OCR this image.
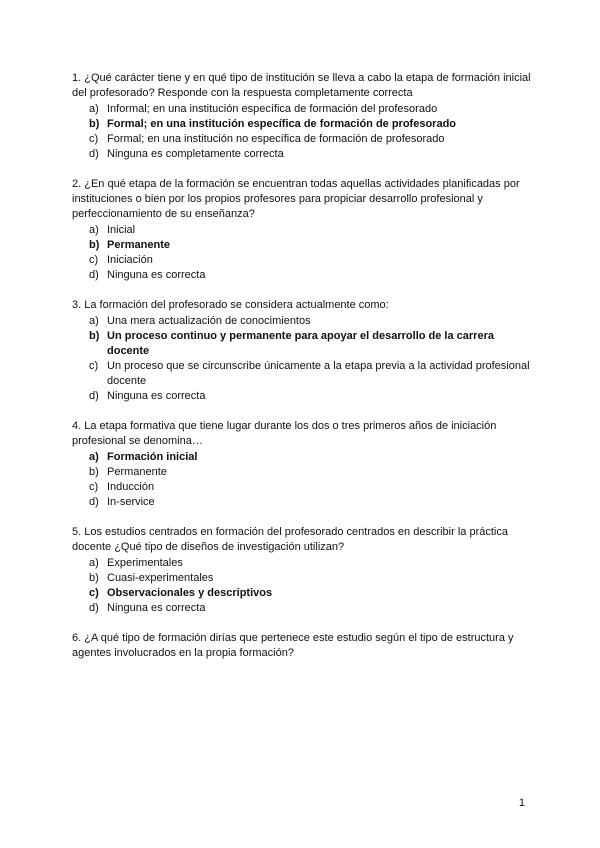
1. ¿Qué carácter tiene y en qué tipo de institución se lleva a cabo la etapa de formación inicial del profesorado? Responde con la respuesta completamente correcta

a) Informal; en una institución específica de formación del profesorado
b) Formal; en una institución específica de formación de profesorado
c) Formal; en una institución no específica de formación de profesorado
d) Ninguna es completamente correcta

2. ¿En qué etapa de la formación se encuentran todas aquellas actividades planificadas por instituciones o bien por los propios profesores para propiciar desarrollo profesional y perfeccionamiento de su enseñanza?

a) Inicial
b) Permanente
c) Iniciación
d) Ninguna es correcta

3. La formación del profesorado se considera actualmente como:

a) Una mera actualización de conocimientos
b) Un proceso continuo y permanente para apoyar el desarrollo de la carrera docente
c) Un proceso que se circunscribe únicamente a la etapa previa a la actividad profesional docente
d) Ninguna es correcta

4. La etapa formativa que tiene lugar durante los dos o tres primeros años de iniciación profesional se denomina…

a) Formación inicial
b) Permanente
c) Inducción
d) In-service

5. Los estudios centrados en formación del profesorado centrados en describir la práctica docente ¿Qué tipo de diseños de investigación utilizan?

a) Experimentales
b) Cuasi-experimentales
c) Observacionales y descriptivos
d) Ninguna es correcta

6. ¿A qué tipo de formación dirías que pertenece este estudio según el tipo de estructura y agentes involucrados en la propia formación?

1
